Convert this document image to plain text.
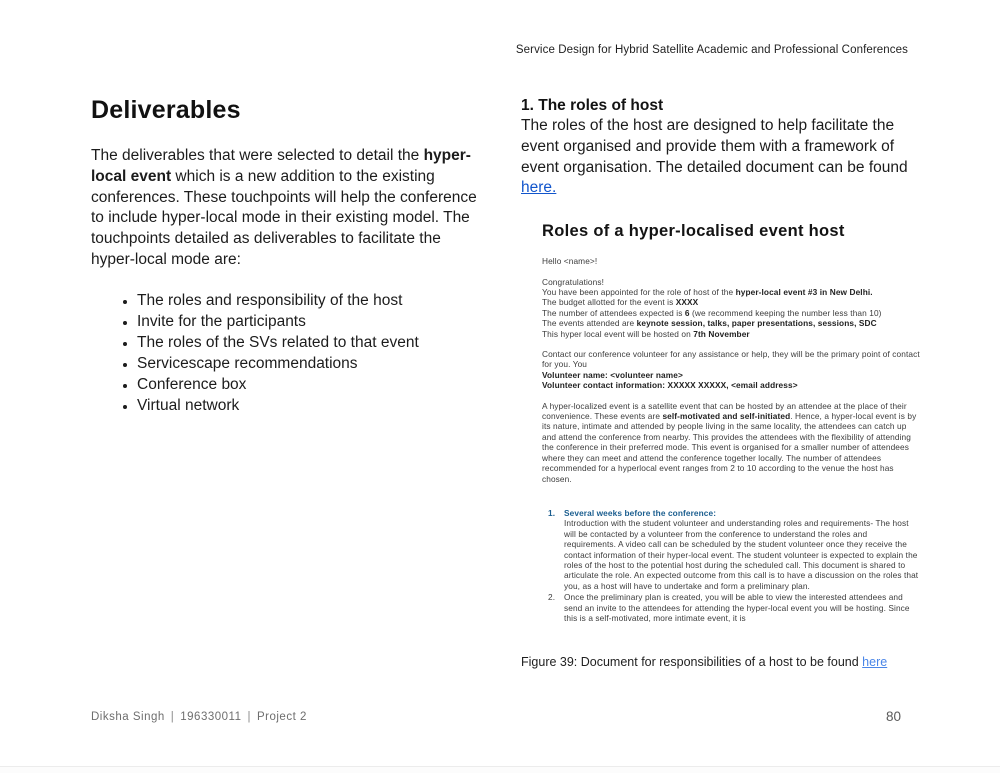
Service Design for Hybrid Satellite Academic and Professional Conferences
Deliverables

The deliverables that were selected to detail the hyper-local event which is a new addition to the existing conferences. These touchpoints will help the conference to include hyper-local mode in their existing model. The touchpoints detailed as deliverables to facilitate the hyper-local mode are:

• The roles and responsibility of the host
• Invite for the participants
• The roles of the SVs related to that event
• Servicescape recommendations
• Conference box
• Virtual network
1. The roles of host

The roles of the host are designed to help facilitate the event organised and provide them with a framework of event organisation. The detailed document can be found here.

Roles of a hyper-localised event host
Hello <name>!
Congratulations!
You have been appointed for the role of host of the hyper-local event #3 in New Delhi.
The budget allotted for the event is XXXX
The number of attendees expected is 6 (we recommend keeping the number less than 10)
The events attended are keynote session, talks, paper presentations, sessions, SDC
This hyper local event will be hosted on 7th November
Contact our conference volunteer for any assistance or help, they will be the primary point of contact for you. You
Volunteer name: <volunteer name>
Volunteer contact information: XXXXX XXXXX, <email address>
A hyper-localized event is a satellite event that can be hosted by an attendee at the place of their convenience. These events are self-motivated and self-initiated. Hence, a hyper-local event is by its nature, intimate and attended by people living in the same locality, the attendees can catch up and attend the conference from nearby. This provides the attendees with the flexibility of attending the conference in their preferred mode. This event is organised for a smaller number of attendees where they can meet and attend the conference together locally. The number of attendees recommended for a hyperlocal event ranges from 2 to 10 according to the venue the host has chosen.
1.	Several weeks before the conference:
Introduction with the student volunteer and understanding roles and requirements- The host will be contacted by a volunteer from the conference to understand the roles and requirements. A video call can be scheduled by the student volunteer once they receive the contact information of their hyper-local event. The student volunteer is expected to explain the roles of the host to the potential host during the scheduled call. This document is shared to articulate the role. An expected outcome from this call is to have a discussion on the roles that you, as a host will have to undertake and form a preliminary plan.
2.	Once the preliminary plan is created, you will be able to view the interested attendees and send an invite to the attendees for attending the hyper-local event you will be hosting. Since this is a self-motivated, more intimate event, it is
Figure 39: Document for responsibilities of a host to be found here
Diksha Singh | 196330011 | Project 2	80
